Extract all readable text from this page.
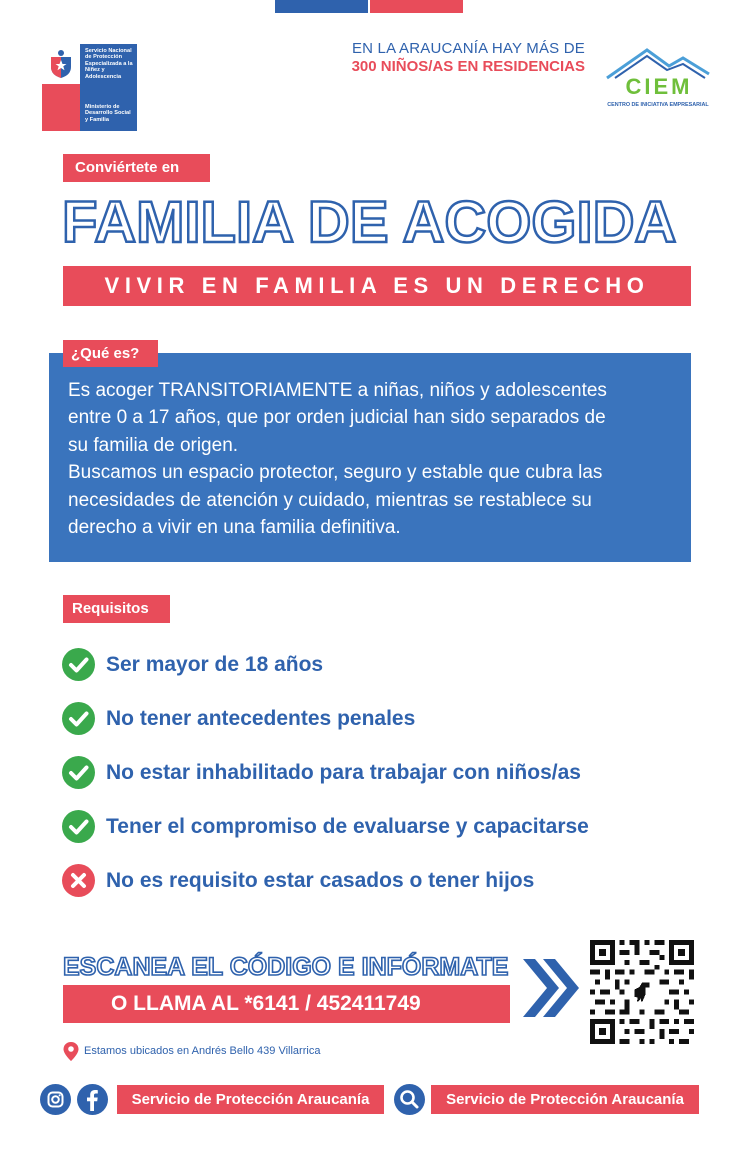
Servicio Nacional de Protección Especializada a la Niñez y Adolescencia
Ministerio de Desarrollo Social y Familia
EN LA ARAUCANÍA HAY MÁS DE
300 NIÑOS/AS EN RESIDENCIAS
CIEM
CENTRO DE INICIATIVA EMPRESARIAL
Conviértete en
FAMILIA DE ACOGIDA
VIVIR EN FAMILIA ES UN DERECHO
Es acoger TRANSITORIAMENTE a niñas, niños y adolescentes
entre 0 a 17 años, que por orden judicial han sido separados de
su familia de origen.
Buscamos un espacio protector, seguro y estable que cubra las
necesidades de atención y cuidado, mientras se restablece su
derecho a vivir en una familia definitiva.
¿Qué es?
Requisitos
Ser mayor de 18 años
No tener antecedentes penales
No estar inhabilitado para trabajar con niños/as
Tener el compromiso de evaluarse y capacitarse
No es requisito estar casados o tener hijos
ESCANEA EL CÓDIGO E INFÓRMATE
O LLAMA AL *6141 / 452411749
Estamos ubicados en Andrés Bello 439 Villarrica
Servicio de Protección Araucanía	Servicio de Protección Araucanía
